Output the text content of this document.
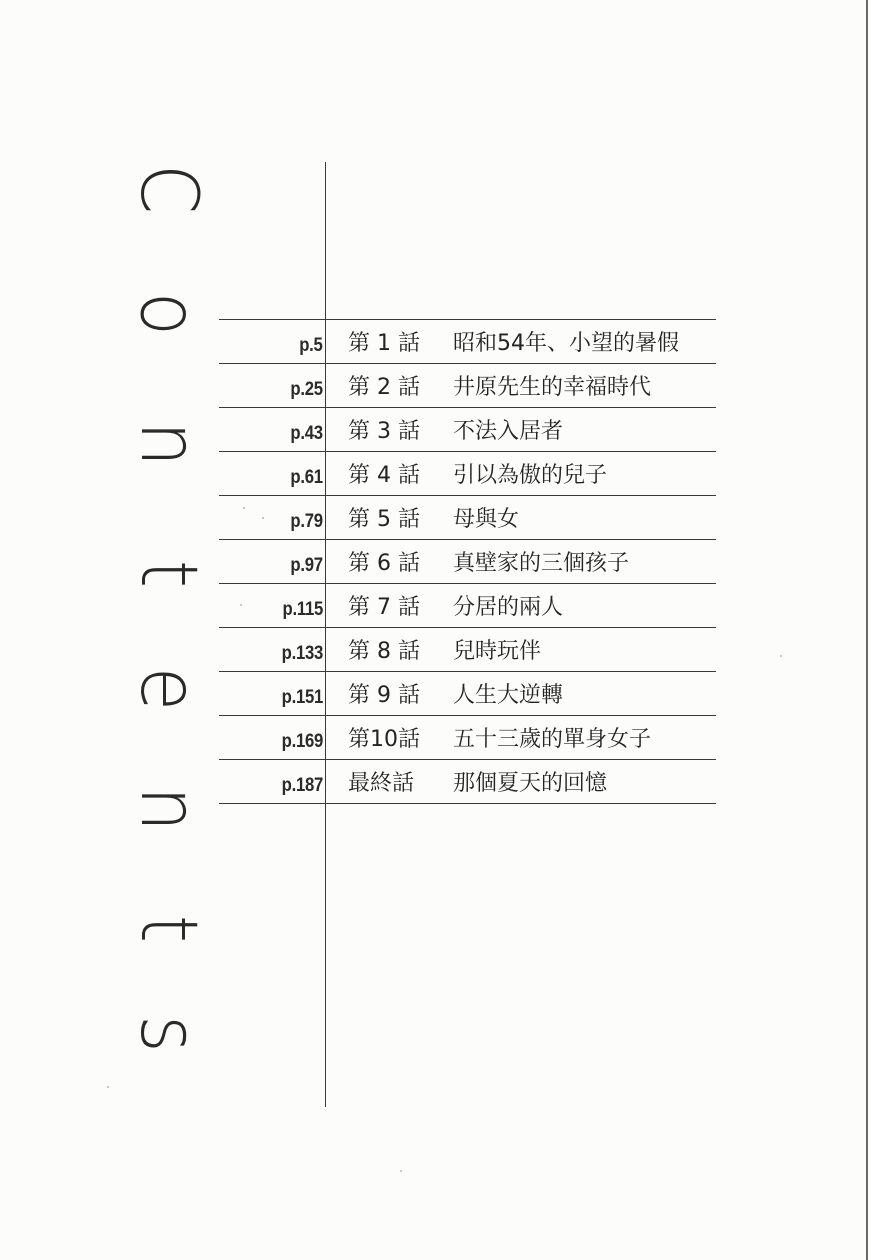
C
o
n
t
e
n
t
s
p.5 第 1 話	昭和54年、小望的暑假
p.25 第 2 話	井原先生的幸福時代
p.43 第 3 話	不法入居者
p.61 第 4 話	引以為傲的兒子
p.79 第 5 話	母與女
p.97 第 6 話	真壁家的三個孩子
p.115 第 7 話	分居的兩人
p.133 第 8 話	兒時玩伴
p.151 第 9 話	人生大逆轉
p.169 第10話	五十三歲的單身女子
p.187 最終話	那個夏天的回憶
